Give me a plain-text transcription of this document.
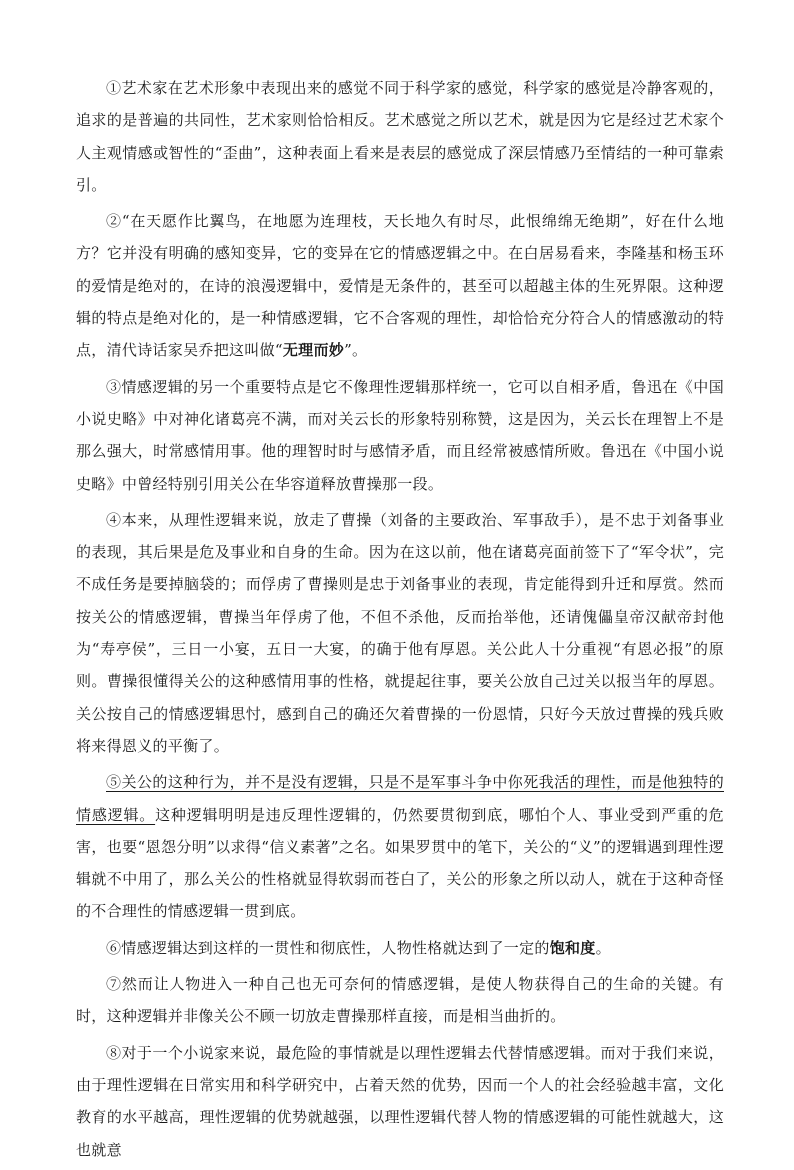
①艺术家在艺术形象中表现出来的感觉不同于科学家的感觉，科学家的感觉是冷静客观的，追求的是普遍的共同性，艺术家则恰恰相反。艺术感觉之所以艺术，就是因为它是经过艺术家个人主观情感或智性的“歪曲”，这种表面上看来是表层的感觉成了深层情感乃至情结的一种可靠索引。

②“在天愿作比翼鸟，在地愿为连理枝，天长地久有时尽，此恨绵绵无绝期”，好在什么地方？它并没有明确的感知变异，它的变异在它的情感逻辑之中。在白居易看来，李隆基和杨玉环的爱情是绝对的，在诗的浪漫逻辑中，爱情是无条件的，甚至可以超越主体的生死界限。这种逻辑的特点是绝对化的，是一种情感逻辑，它不合客观的理性，却恰恰充分符合人的情感激动的特点，清代诗话家吴乔把这叫做“无理而妙”。

③情感逻辑的另一个重要特点是它不像理性逻辑那样统一，它可以自相矛盾，鲁迅在《中国小说史略》中对神化诸葛亮不满，而对关云长的形象特别称赞，这是因为，关云长在理智上不是那么强大，时常感情用事。他的理智时时与感情矛盾，而且经常被感情所败。鲁迅在《中国小说史略》中曾经特别引用关公在华容道释放曹操那一段。

④本来，从理性逻辑来说，放走了曹操（刘备的主要政治、军事敌手），是不忠于刘备事业的表现，其后果是危及事业和自身的生命。因为在这以前，他在诸葛亮面前签下了“军令状”，完不成任务是要掉脑袋的；而俘虏了曹操则是忠于刘备事业的表现，肯定能得到升迁和厚赏。然而按关公的情感逻辑，曹操当年俘虏了他，不但不杀他，反而抬举他，还请傀儡皇帝汉献帝封他为“寿亭侯”，三日一小宴，五日一大宴，的确于他有厚恩。关公此人十分重视“有恩必报”的原则。曹操很懂得关公的这种感情用事的性格，就提起往事，要关公放自己过关以报当年的厚恩。关公按自己的情感逻辑思忖，感到自己的确还欠着曹操的一份恩情，只好今天放过曹操的残兵败将来得恩义的平衡了。

⑤关公的这种行为，并不是没有逻辑，只是不是军事斗争中你死我活的理性，而是他独特的情感逻辑。这种逻辑明明是违反理性逻辑的，仍然要贯彻到底，哪怕个人、事业受到严重的危害，也要“恩怨分明”以求得“信义素著”之名。如果罗贯中的笔下，关公的“义”的逻辑遇到理性逻辑就不中用了，那么关公的性格就显得软弱而苍白了，关公的形象之所以动人，就在于这种奇怪的不合理性的情感逻辑一贯到底。

⑥情感逻辑达到这样的一贯性和彻底性，人物性格就达到了一定的饱和度。

⑦然而让人物进入一种自己也无可奈何的情感逻辑，是使人物获得自己的生命的关键。有时，这种逻辑并非像关公不顾一切放走曹操那样直接，而是相当曲折的。

⑧对于一个小说家来说，最危险的事情就是以理性逻辑去代替情感逻辑。而对于我们来说，由于理性逻辑在日常实用和科学研究中，占着天然的优势，因而一个人的社会经验越丰富，文化教育的水平越高，理性逻辑的优势就越强，以理性逻辑代替人物的情感逻辑的可能性就越大，这也就意
